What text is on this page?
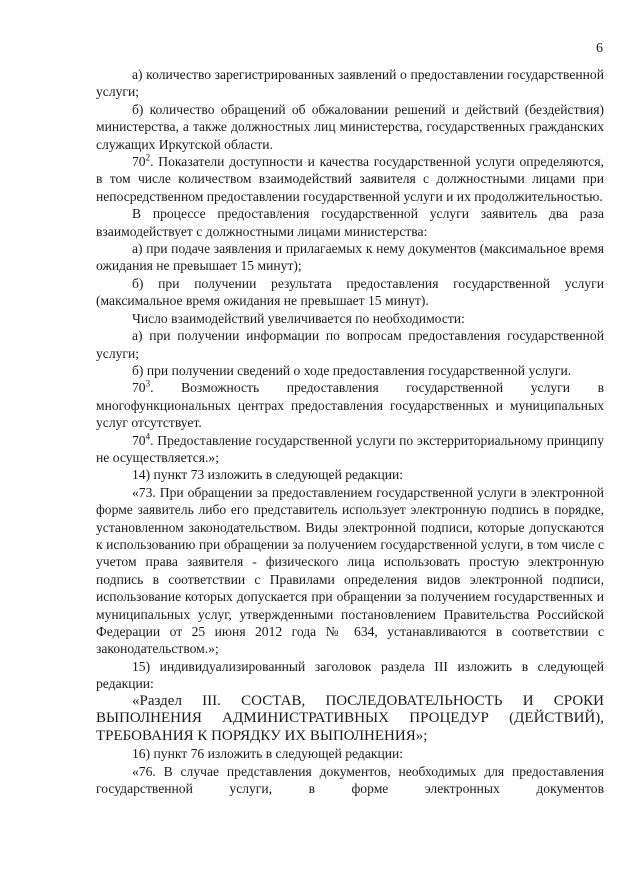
6

а) количество зарегистрированных заявлений о предоставлении государственной услуги;

б) количество обращений об обжаловании решений и действий (бездействия) министерства, а также должностных лиц министерства, государственных гражданских служащих Иркутской области.

$70^2$. Показатели доступности и качества государственной услуги определяются, в том числе количеством взаимодействий заявителя с должностными лицами при непосредственном предоставлении государственной услуги и их продолжительностью.

В процессе предоставления государственной услуги заявитель два раза взаимодействует с должностными лицами министерства:

а) при подаче заявления и прилагаемых к нему документов (максимальное время ожидания не превышает 15 минут);

б) при получении результата предоставления государственной услуги (максимальное время ожидания не превышает 15 минут).

Число взаимодействий увеличивается по необходимости:

а) при получении информации по вопросам предоставления государственной услуги;

б) при получении сведений о ходе предоставления государственной услуги.

$70^3$. Возможность предоставления государственной услуги в многофункциональных центрах предоставления государственных и муниципальных услуг отсутствует.

$70^4$. Предоставление государственной услуги по экстерриториальному принципу не осуществляется.»;

14) пункт 73 изложить в следующей редакции:

«73. При обращении за предоставлением государственной услуги в электронной форме заявитель либо его представитель использует электронную подпись в порядке, установленном законодательством. Виды электронной подписи, которые допускаются к использованию при обращении за получением государственной услуги, в том числе с учетом права заявителя - физического лица использовать простую электронную подпись в соответствии с Правилами определения видов электронной подписи, использование которых допускается при обращении за получением государственных и муниципальных услуг, утвержденными постановлением Правительства Российской Федерации от 25 июня 2012 года № 634, устанавливаются в соответствии с законодательством.»;

15) индивидуализированный заголовок раздела III изложить в следующей редакции:

«Раздел III. СОСТАВ, ПОСЛЕДОВАТЕЛЬНОСТЬ И СРОКИ ВЫПОЛНЕНИЯ АДМИНИСТРАТИВНЫХ ПРОЦЕДУР (ДЕЙСТВИЙ), ТРЕБОВАНИЯ К ПОРЯДКУ ИХ ВЫПОЛНЕНИЯ»;

16) пункт 76 изложить в следующей редакции:

«76. В случае представления документов, необходимых для предоставления государственной услуги, в форме электронных документов
